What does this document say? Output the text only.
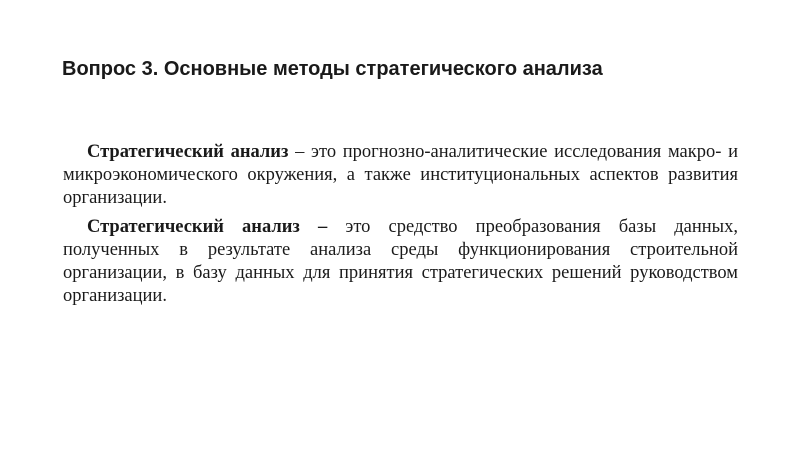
Вопрос 3. Основные методы стратегического анализа

Стратегический анализ – это прогнозно-аналитические исследования макро- и микроэкономического окружения, а также институциональных аспектов развития организации.

Стратегический анализ – это средство преобразования базы данных, полученных в результате анализа среды функционирования строительной организации, в базу данных для принятия стратегических решений руководством организации.
